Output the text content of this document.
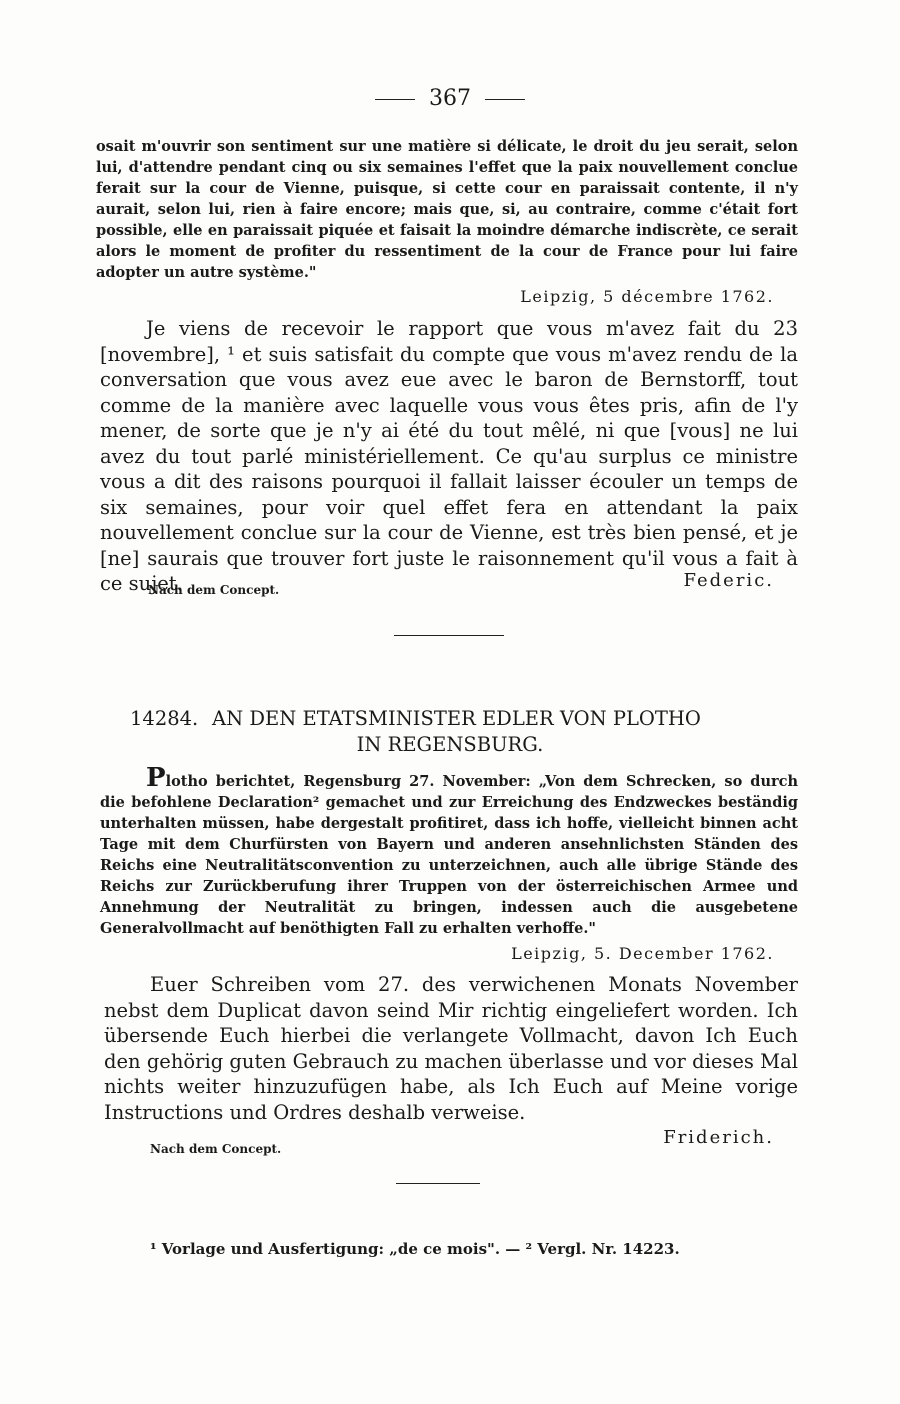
367

osait m'ouvrir son sentiment sur une matière si délicate, le droit du jeu serait, selon lui, d'attendre pendant cinq ou six semaines l'effet que la paix nouvellement conclue ferait sur la cour de Vienne, puisque, si cette cour en paraissait contente, il n'y aurait, selon lui, rien à faire encore; mais que, si, au contraire, comme c'était fort possible, elle en paraissait piquée et faisait la moindre démarche indiscrète, ce serait alors le moment de profiter du ressentiment de la cour de France pour lui faire adopter un autre système."

Leipzig, 5 décembre 1762.

Je viens de recevoir le rapport que vous m'avez fait du 23 [novembre], ¹ et suis satisfait du compte que vous m'avez rendu de la conversation que vous avez eue avec le baron de Bernstorff, tout comme de la manière avec laquelle vous vous êtes pris, afin de l'y mener, de sorte que je n'y ai été du tout mêlé, ni que [vous] ne lui avez du tout parlé ministériellement. Ce qu'au surplus ce ministre vous a dit des raisons pourquoi il fallait laisser écouler un temps de six semaines, pour voir quel effet fera en attendant la paix nouvellement conclue sur la cour de Vienne, est très bien pensé, et je [ne] saurais que trouver fort juste le raisonnement qu'il vous a fait à ce sujet.

Nach dem Concept.	Federic.
14284. AN DEN ETATSMINISTER EDLER VON PLOTHO
IN REGENSBURG.

Plotho berichtet, Regensburg 27. November: „Von dem Schrecken, so durch die befohlene Declaration² gemachet und zur Erreichung des Endzweckes beständig unterhalten müssen, habe dergestalt profitiret, dass ich hoffe, vielleicht binnen acht Tage mit dem Churfürsten von Bayern und anderen ansehnlichsten Ständen des Reichs eine Neutralitätsconvention zu unterzeichnen, auch alle übrige Stände des Reichs zur Zurückberufung ihrer Truppen von der österreichischen Armee und Annehmung der Neutralität zu bringen, indessen auch die ausgebetene Generalvollmacht auf benöthigten Fall zu erhalten verhoffe."

Leipzig, 5. December 1762.

Euer Schreiben vom 27. des verwichenen Monats November nebst dem Duplicat davon seind Mir richtig eingeliefert worden. Ich übersende Euch hierbei die verlangete Vollmacht, davon Ich Euch den gehörig guten Gebrauch zu machen überlasse und vor dieses Mal nichts weiter hinzuzufügen habe, als Ich Euch auf Meine vorige Instructions und Ordres deshalb verweise.

Nach dem Concept.
Friderich.
¹ Vorlage und Ausfertigung: „de ce mois". — ² Vergl. Nr. 14223.
